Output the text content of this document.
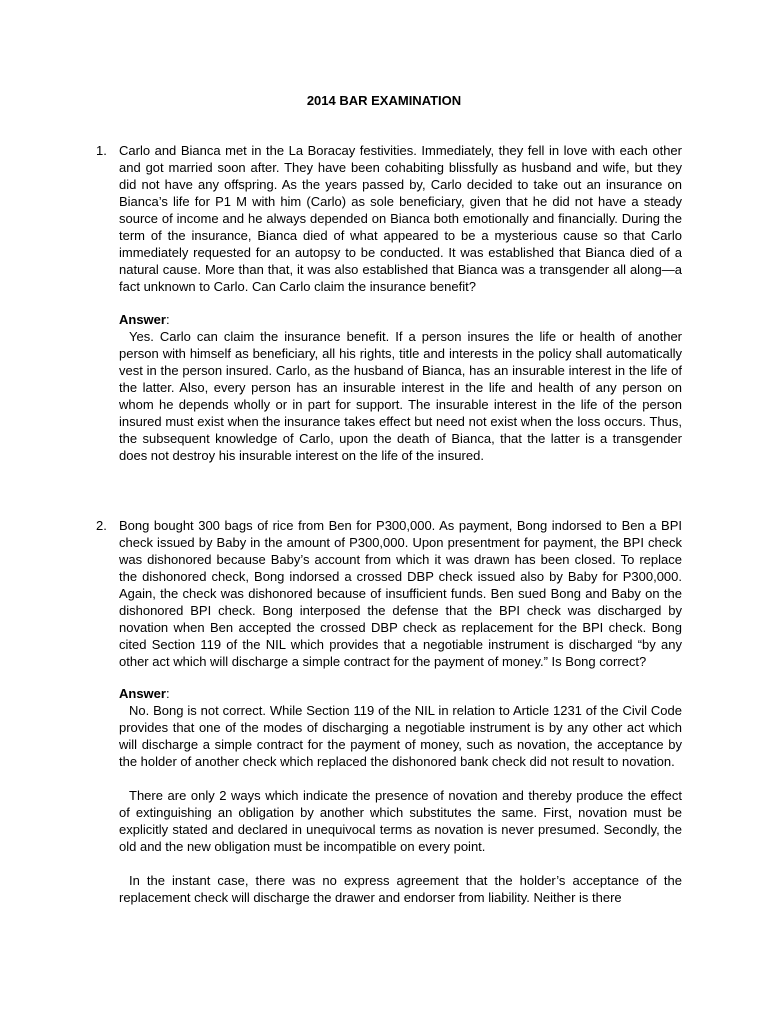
2014 BAR EXAMINATION
1. Carlo and Bianca met in the La Boracay festivities. Immediately, they fell in love with each other and got married soon after. They have been cohabiting blissfully as husband and wife, but they did not have any offspring. As the years passed by, Carlo decided to take out an insurance on Bianca’s life for P1 M with him (Carlo) as sole beneficiary, given that he did not have a steady source of income and he always depended on Bianca both emotionally and financially. During the term of the insurance, Bianca died of what appeared to be a mysterious cause so that Carlo immediately requested for an autopsy to be conducted. It was established that Bianca died of a natural cause. More than that, it was also established that Bianca was a transgender all along—a fact unknown to Carlo. Can Carlo claim the insurance benefit?

Answer:

Yes. Carlo can claim the insurance benefit. If a person insures the life or health of another person with himself as beneficiary, all his rights, title and interests in the policy shall automatically vest in the person insured. Carlo, as the husband of Bianca, has an insurable interest in the life of the latter. Also, every person has an insurable interest in the life and health of any person on whom he depends wholly or in part for support. The insurable interest in the life of the person insured must exist when the insurance takes effect but need not exist when the loss occurs. Thus, the subsequent knowledge of Carlo, upon the death of Bianca, that the latter is a transgender does not destroy his insurable interest on the life of the insured.

2. Bong bought 300 bags of rice from Ben for P300,000. As payment, Bong indorsed to Ben a BPI check issued by Baby in the amount of P300,000. Upon presentment for payment, the BPI check was dishonored because Baby’s account from which it was drawn has been closed. To replace the dishonored check, Bong indorsed a crossed DBP check issued also by Baby for P300,000. Again, the check was dishonored because of insufficient funds. Ben sued Bong and Baby on the dishonored BPI check. Bong interposed the defense that the BPI check was discharged by novation when Ben accepted the crossed DBP check as replacement for the BPI check. Bong cited Section 119 of the NIL which provides that a negotiable instrument is discharged “by any other act which will discharge a simple contract for the payment of money.” Is Bong correct?

Answer:

No. Bong is not correct. While Section 119 of the NIL in relation to Article 1231 of the Civil Code provides that one of the modes of discharging a negotiable instrument is by any other act which will discharge a simple contract for the payment of money, such as novation, the acceptance by the holder of another check which replaced the dishonored bank check did not result to novation.

There are only 2 ways which indicate the presence of novation and thereby produce the effect of extinguishing an obligation by another which substitutes the same. First, novation must be explicitly stated and declared in unequivocal terms as novation is never presumed. Secondly, the old and the new obligation must be incompatible on every point.

In the instant case, there was no express agreement that the holder’s acceptance of the replacement check will discharge the drawer and endorser from liability. Neither is there
